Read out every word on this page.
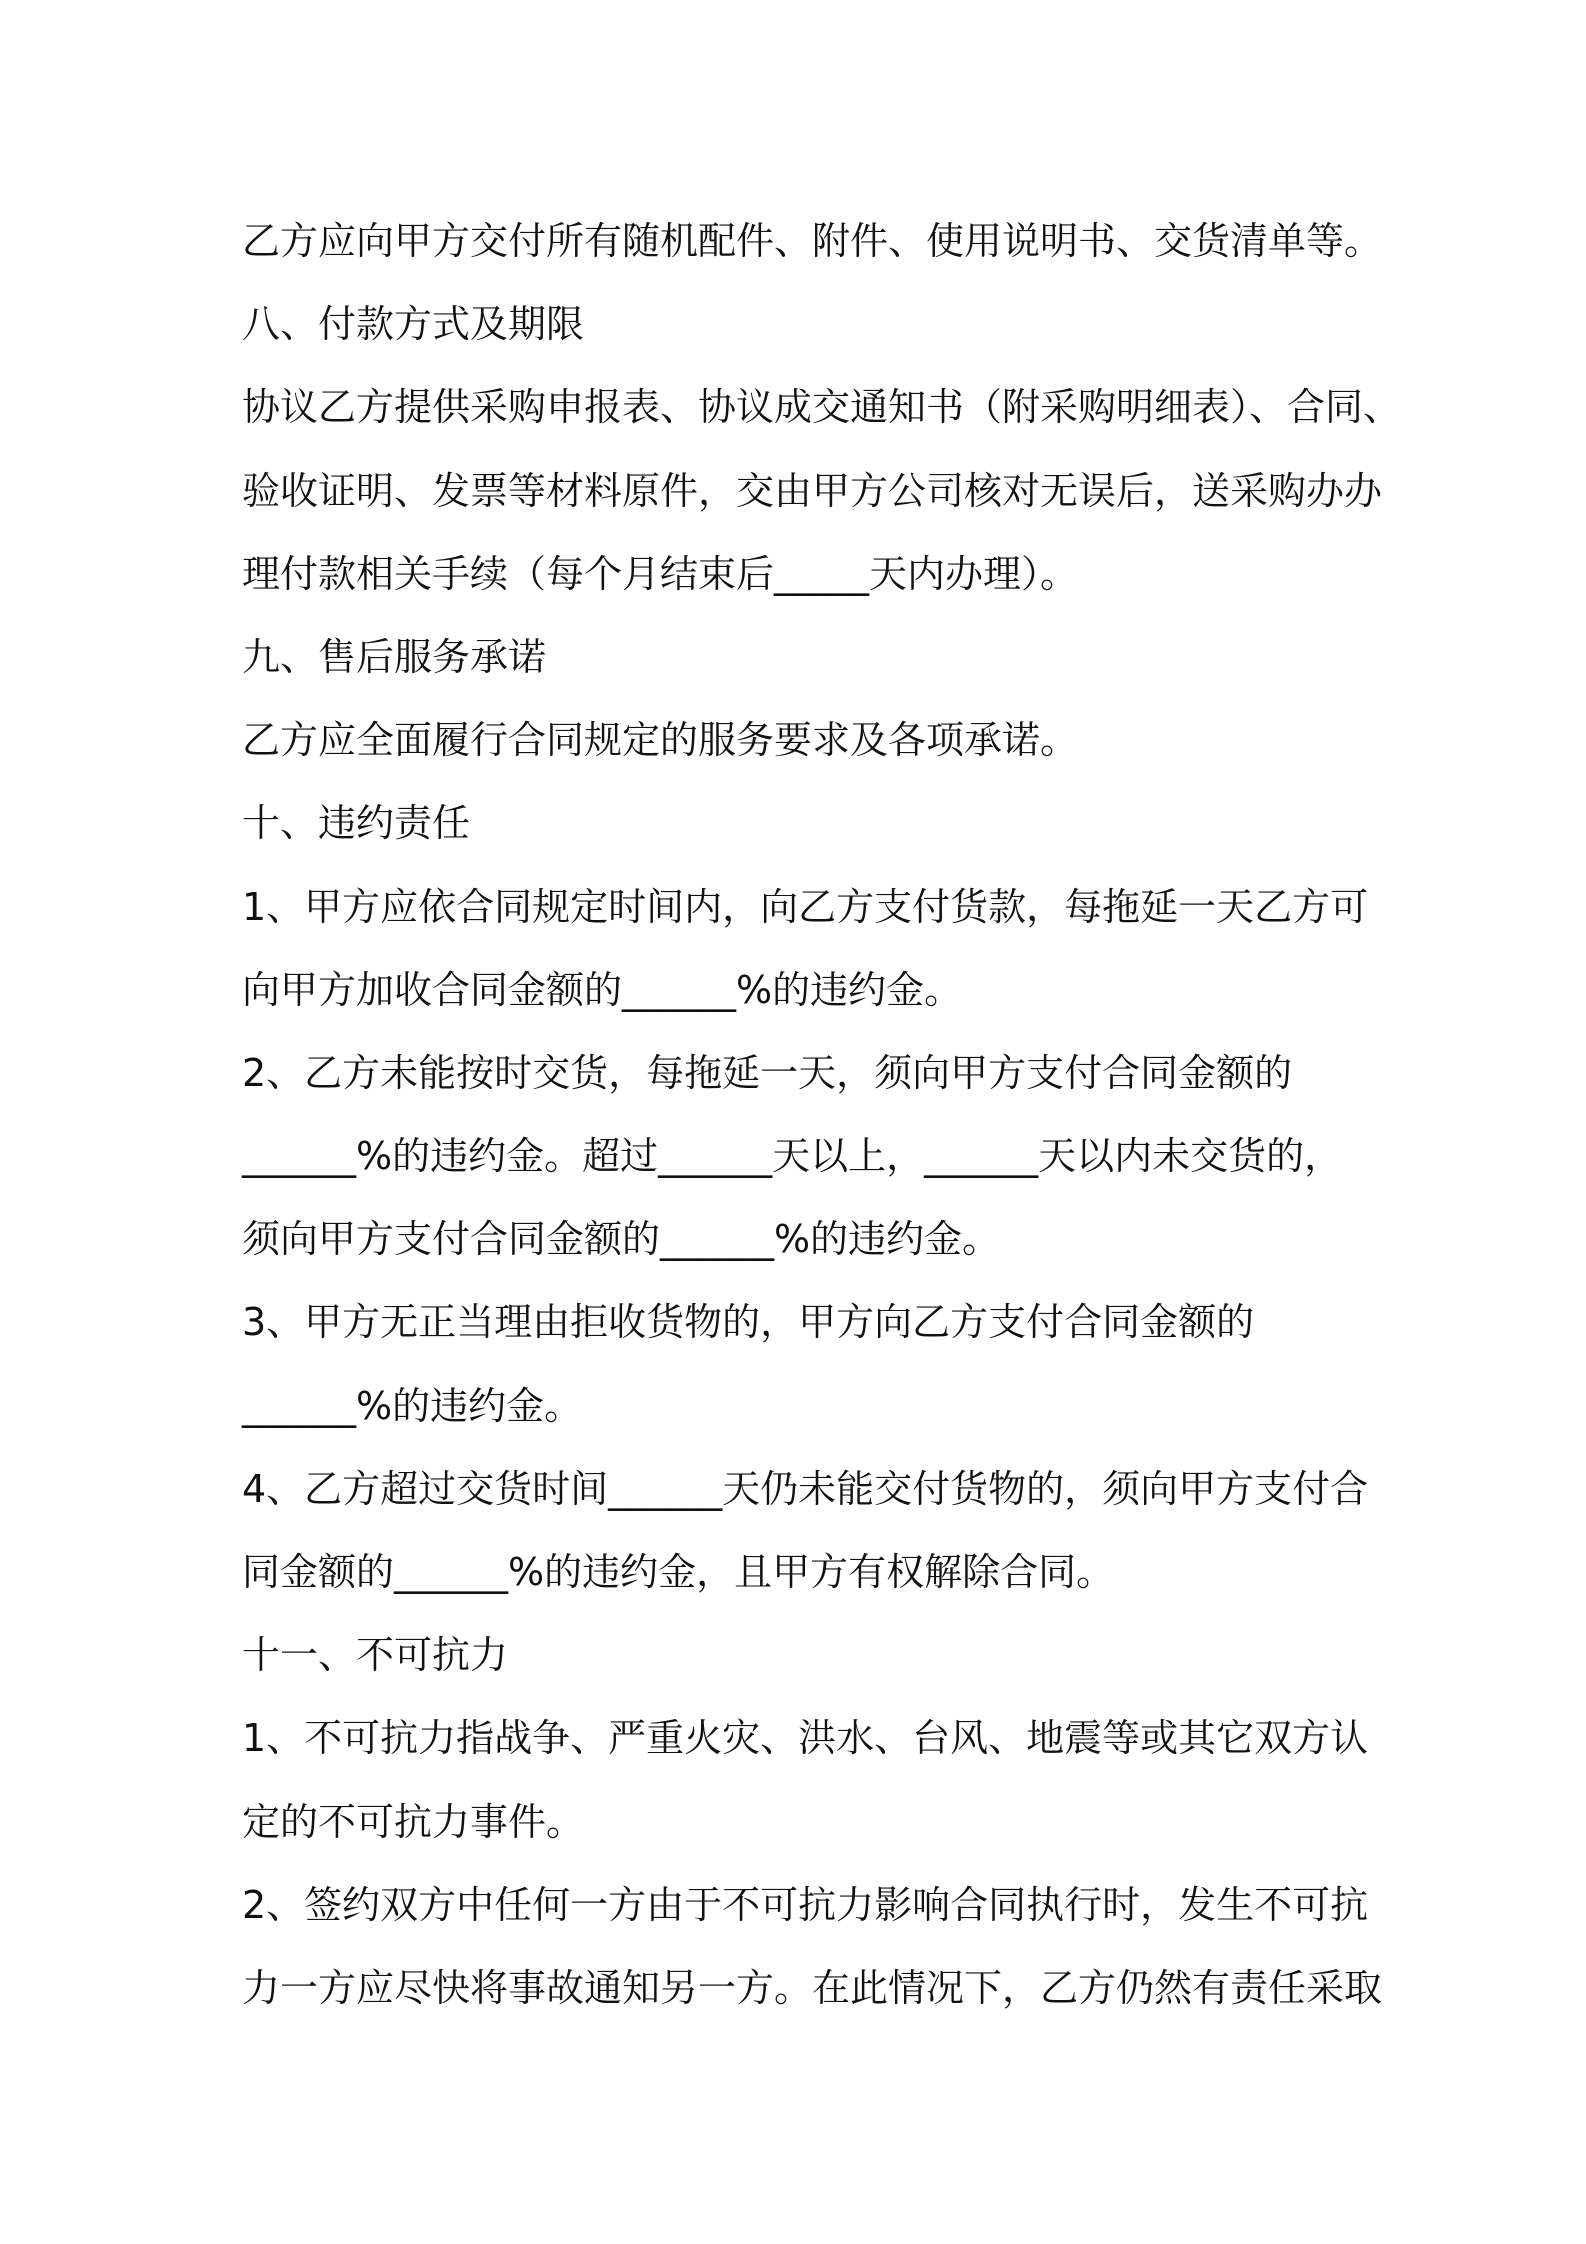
乙方应向甲方交付所有随机配件、附件、使用说明书、交货清单等。
八、付款方式及期限
协议乙方提供采购申报表、协议成交通知书（附采购明细表）、合同、
验收证明、发票等材料原件，交由甲方公司核对无误后，送采购办办
理付款相关手续（每个月结束后_____天内办理）。
九、售后服务承诺
乙方应全面履行合同规定的服务要求及各项承诺。
十、违约责任
1、甲方应依合同规定时间内，向乙方支付货款，每拖延一天乙方可
向甲方加收合同金额的______%的违约金。
2、乙方未能按时交货，每拖延一天，须向甲方支付合同金额的
______%的违约金。超过______天以上，______天以内未交货的，
须向甲方支付合同金额的______%的违约金。
3、甲方无正当理由拒收货物的，甲方向乙方支付合同金额的
______%的违约金。
4、乙方超过交货时间______天仍未能交付货物的，须向甲方支付合
同金额的______%的违约金，且甲方有权解除合同。
十一、不可抗力
1、不可抗力指战争、严重火灾、洪水、台风、地震等或其它双方认
定的不可抗力事件。
2、签约双方中任何一方由于不可抗力影响合同执行时，发生不可抗
力一方应尽快将事故通知另一方。在此情况下，乙方仍然有责任采取
